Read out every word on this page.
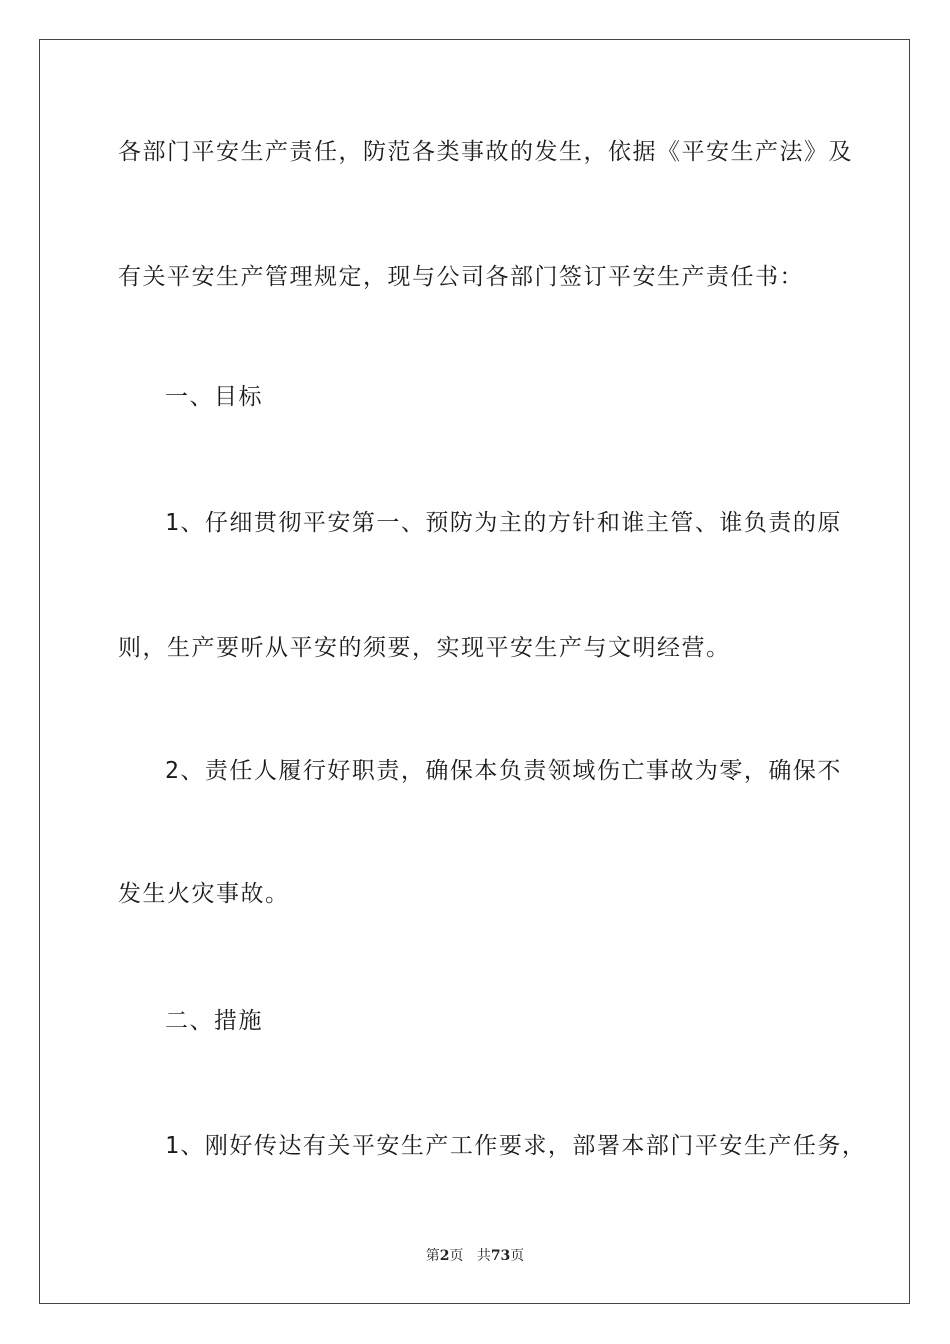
各部门平安生产责任，防范各类事故的发生，依据《平安生产法》及
有关平安生产管理规定，现与公司各部门签订平安生产责任书：
一、目标
1、仔细贯彻平安第一、预防为主的方针和谁主管、谁负责的原
则，生产要听从平安的须要，实现平安生产与文明经营。
2、责任人履行好职责，确保本负责领域伤亡事故为零，确保不
发生火灾事故。
二、措施
1、刚好传达有关平安生产工作要求，部署本部门平安生产任务，
第2页 共73页
